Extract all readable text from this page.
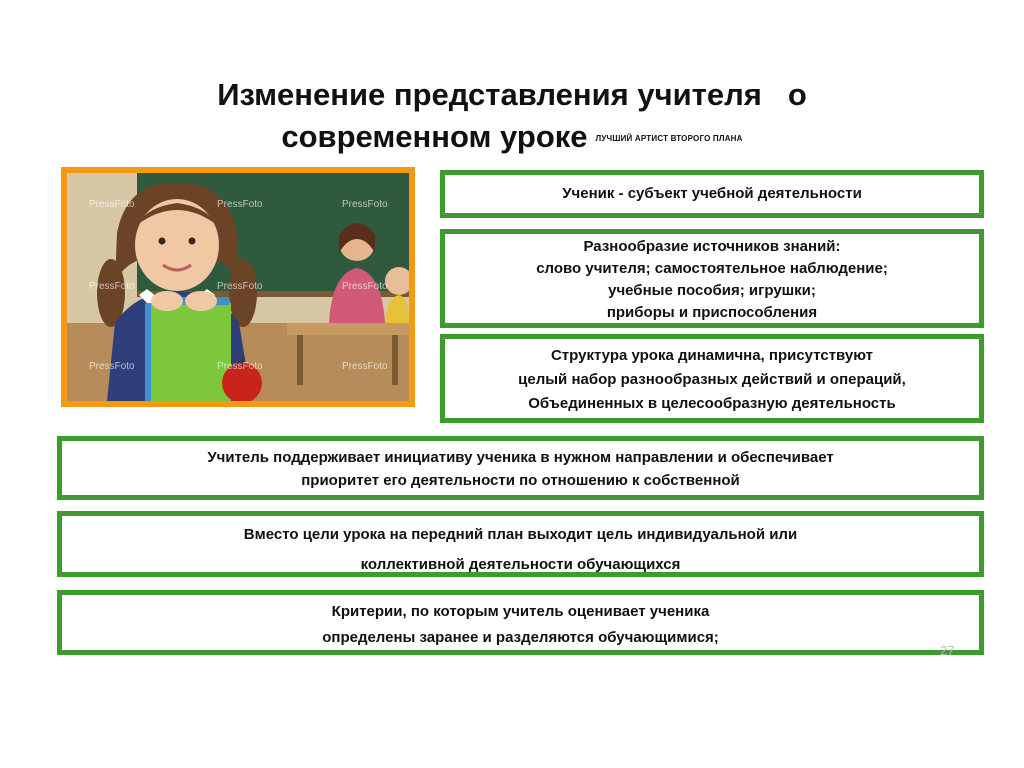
Изменение представления учителя о
современном уроке ЛУЧШИЙ АРТИСТ ВТОРОГО ПЛАНА
PressFoto	PressFoto	PressFoto
PressFoto	PressFoto	PressFoto
PressFoto	PressFoto	PressFoto
Ученик - субъект учебной деятельности
Разнообразие источников знаний:
слово учителя; самостоятельное наблюдение;
учебные пособия; игрушки;
приборы и приспособления
Структура урока динамична, присутствуют
целый набор разнообразных действий и операций,
Объединенных в целесообразную деятельность
Учитель поддерживает инициативу ученика в нужном направлении и обеспечивает
приоритет его деятельности по отношению к собственной
Вместо цели урока на передний план выходит цель индивидуальной или
коллективной деятельности обучающихся
Критерии, по которым учитель оценивает ученика
определены заранее и разделяются обучающимися;
27
